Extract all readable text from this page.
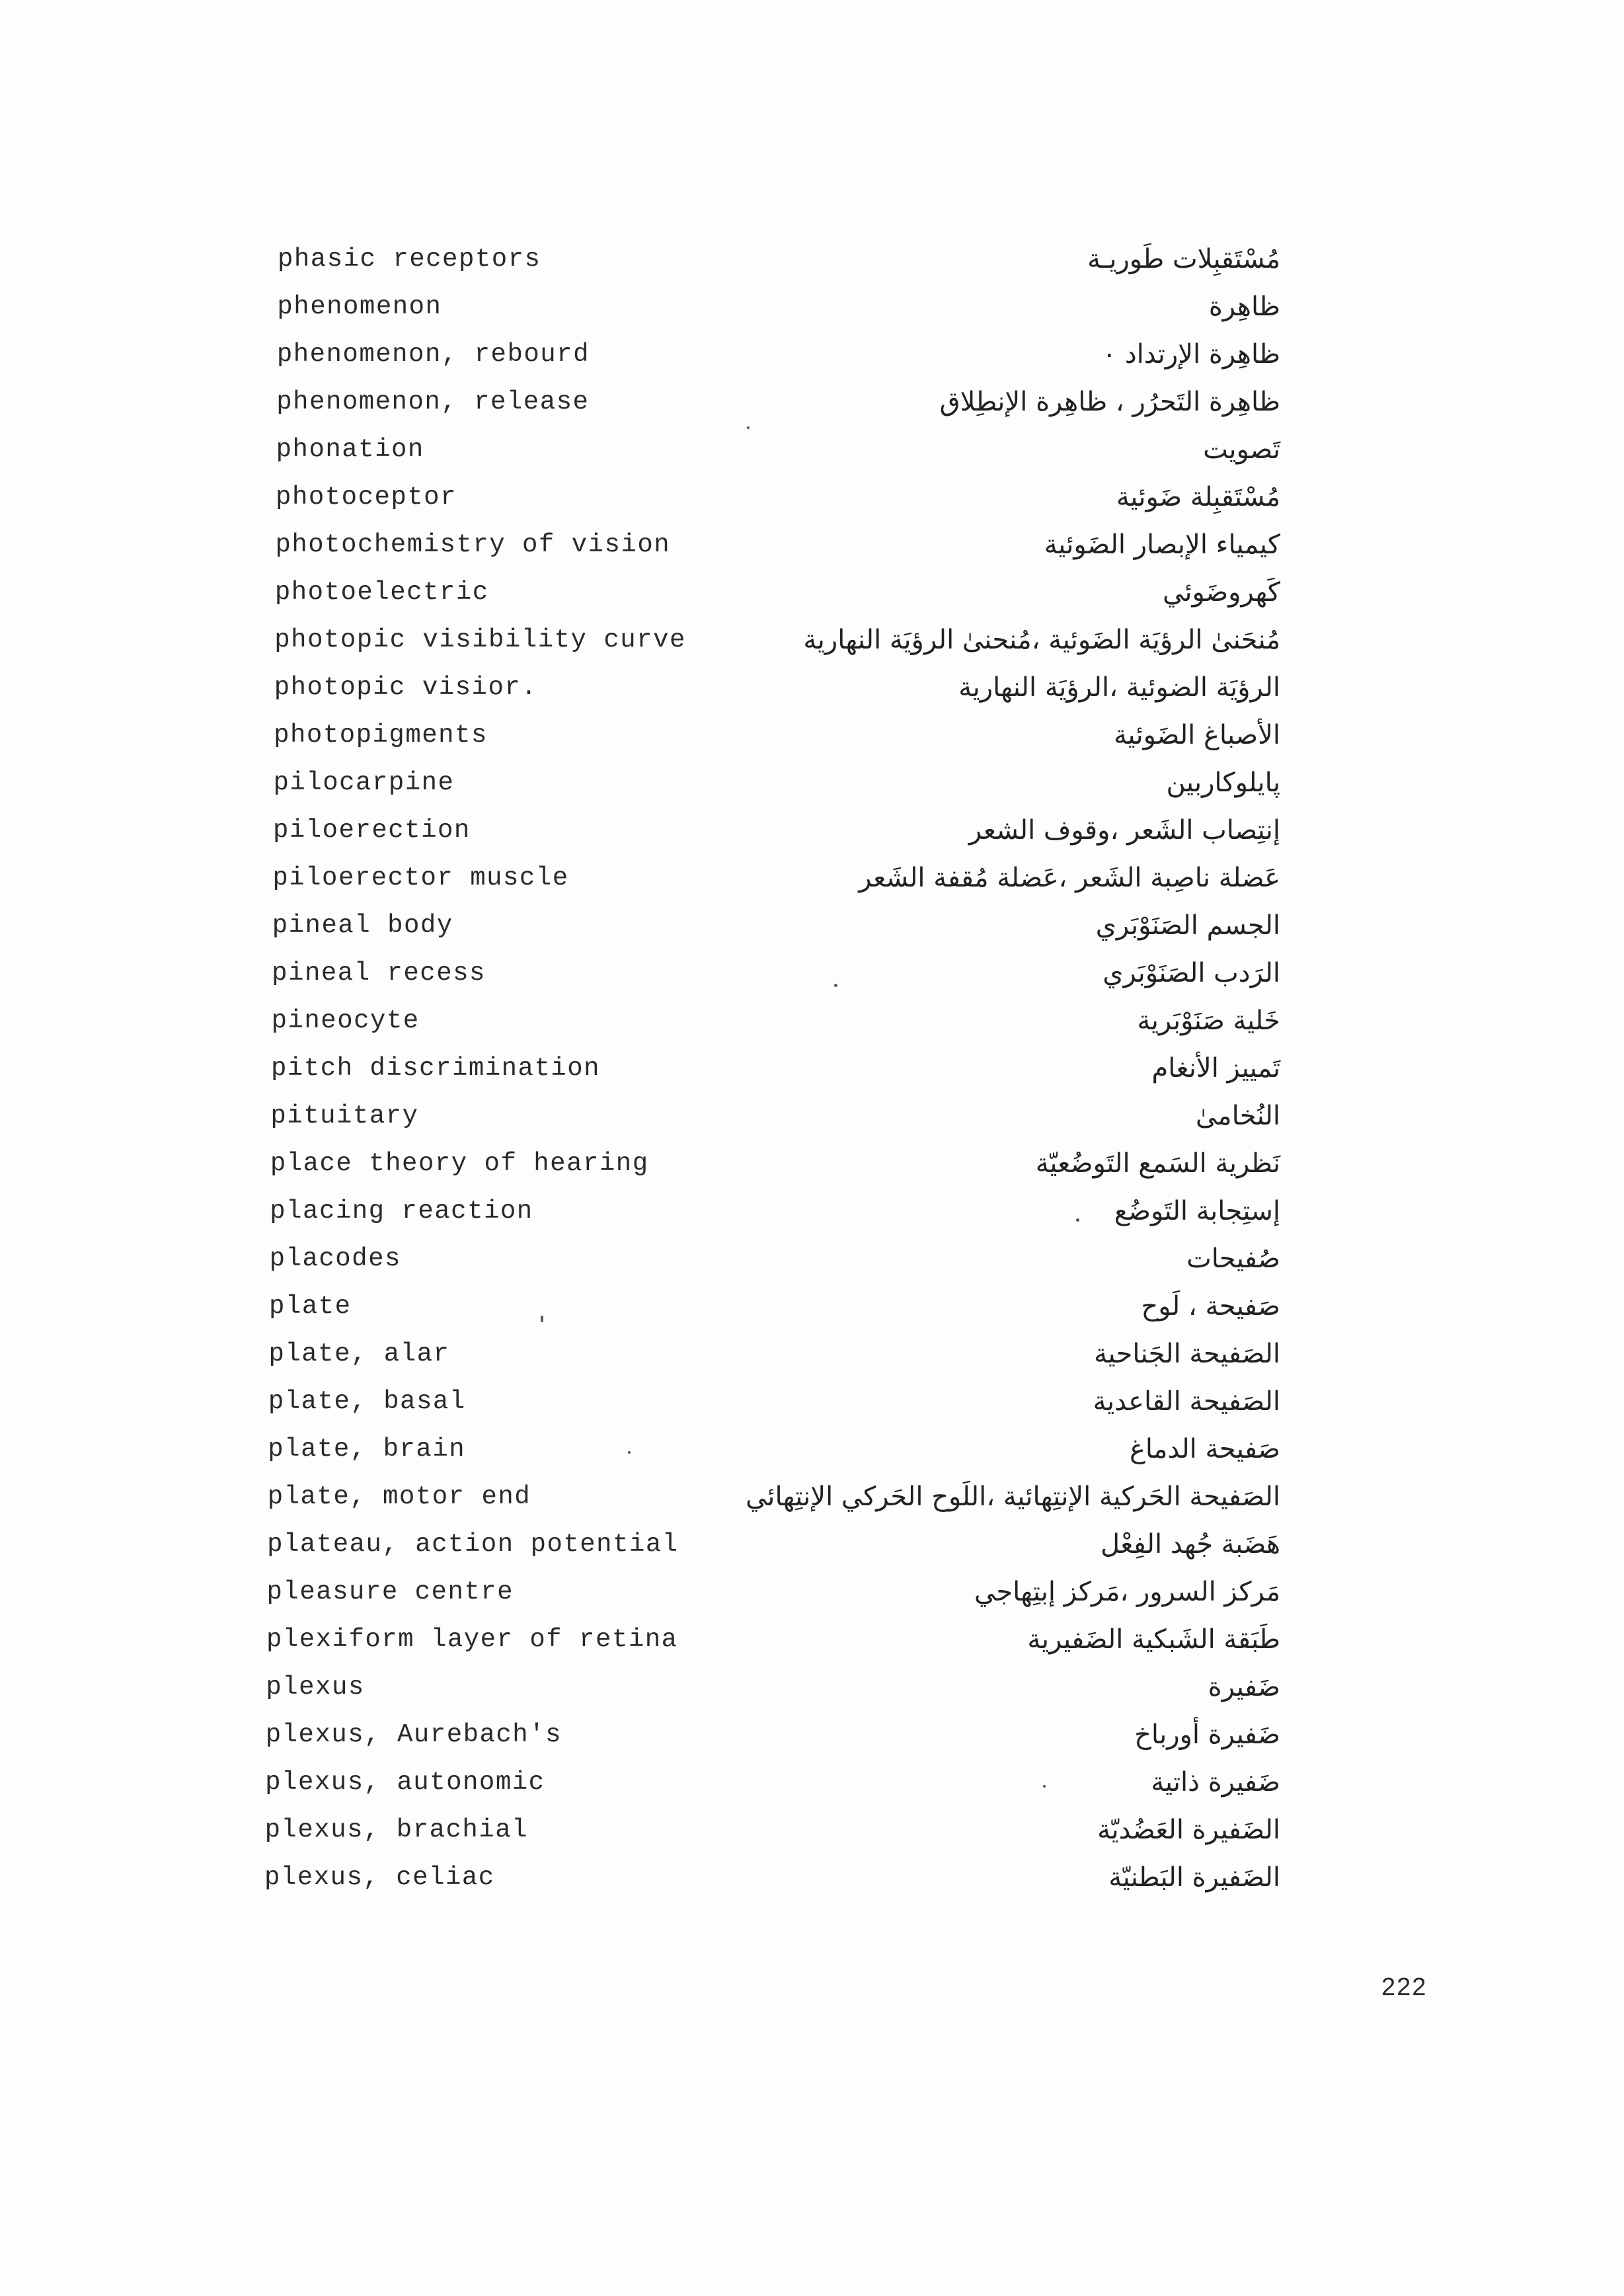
phasic receptors	مُسْتَقبِلات طَوريـة
phenomenon	ظاهِرة
phenomenon, rebourd	ظاهِرة الإرتداد ٠
phenomenon, release	ظاهِرة التَحرُر ، ظاهِرة الإنطِلاق
phonation	تَصويت
photoceptor	مُسْتَقبِلة ضَوئية
photochemistry of vision	كيمياء الإبصار الضَوئية
photoelectric	كَهروضَوئي
photopic visibility curve	مُنحَنىٰ الرؤيَة الضَوئية ،مُنحنىٰ الرؤيَة النهارية
photopic visior.	الرؤيَة الضوئية ،الرؤيَة النهارية
photopigments	الأصباغ الضَوئية
pilocarpine	پايلوكاربين
piloerection	إنتِصاب الشَعر ،وقوف الشعر
piloerector muscle	عَضلة ناصِبة الشَعر ،عَضلة مُقفة الشَعر
pineal body	الجسم الصَنَوْبَري
pineal recess	الرَدب الصَنَوْبَري
pineocyte	خَلية صَنَوْبَرية
pitch discrimination	تَمييز الأنغام
pituitary	النُخامىٰ
place theory of hearing	نَظرية السَمع التَوضُعيّة
placing reaction	إستِجابة التَوضُع
placodes	صُفيحات
plate	صَفيحة ، لَوح
plate, alar	الصَفيحة الجَناحية
plate, basal	الصَفيحة القاعدية
plate, brain	صَفيحة الدماغ
plate, motor end	الصَفيحة الحَركية الإنتِهائية ،اللَوح الحَركي الإنتِهائي
plateau, action potential	هَضَبة جُهد الفِعْل
pleasure centre	مَركز السرور ،مَركز إبتِهاجي
plexiform layer of retina	طَبَقة الشَبكية الضَفيرية
plexus	ضَفيرة
plexus, Aurebach's	ضَفيرة أورباخ
plexus, autonomic	ضَفيرة ذاتية
plexus, brachial	الضَفيرة العَضُديّة
plexus, celiac	الضَفيرة البَطنيّة
222
